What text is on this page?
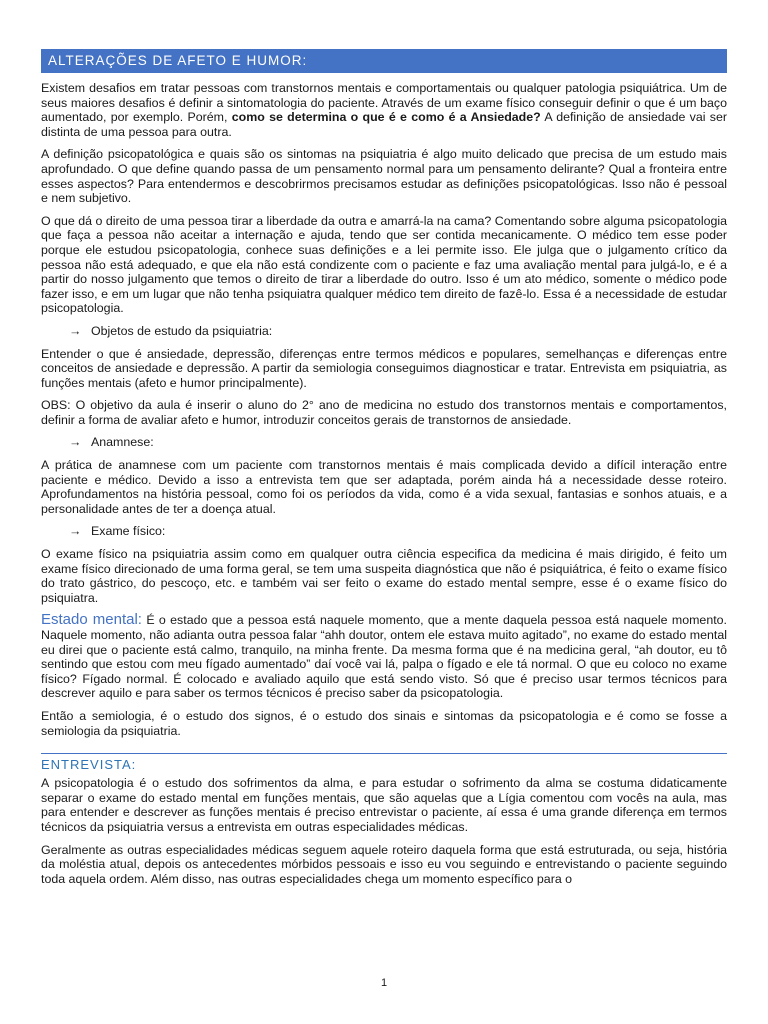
ALTERAÇÕES DE AFETO E HUMOR:

Existem desafios em tratar pessoas com transtornos mentais e comportamentais ou qualquer patologia psiquiátrica. Um de seus maiores desafios é definir a sintomatologia do paciente. Através de um exame físico conseguir definir o que é um baço aumentado, por exemplo. Porém, como se determina o que é e como é a Ansiedade? A definição de ansiedade vai ser distinta de uma pessoa para outra.

A definição psicopatológica e quais são os sintomas na psiquiatria é algo muito delicado que precisa de um estudo mais aprofundado. O que define quando passa de um pensamento normal para um pensamento delirante? Qual a fronteira entre esses aspectos? Para entendermos e descobrirmos precisamos estudar as definições psicopatológicas. Isso não é pessoal e nem subjetivo.

O que dá o direito de uma pessoa tirar a liberdade da outra e amarrá-la na cama? Comentando sobre alguma psicopatologia que faça a pessoa não aceitar a internação e ajuda, tendo que ser contida mecanicamente. O médico tem esse poder porque ele estudou psicopatologia, conhece suas definições e a lei permite isso. Ele julga que o julgamento crítico da pessoa não está adequado, e que ela não está condizente com o paciente e faz uma avaliação mental para julgá-lo, e é a partir do nosso julgamento que temos o direito de tirar a liberdade do outro. Isso é um ato médico, somente o médico pode fazer isso, e em um lugar que não tenha psiquiatra qualquer médico tem direito de fazê-lo. Essa é a necessidade de estudar psicopatologia.

→ Objetos de estudo da psiquiatria:

Entender o que é ansiedade, depressão, diferenças entre termos médicos e populares, semelhanças e diferenças entre conceitos de ansiedade e depressão. A partir da semiologia conseguimos diagnosticar e tratar. Entrevista em psiquiatria, as funções mentais (afeto e humor principalmente).

OBS: O objetivo da aula é inserir o aluno do 2° ano de medicina no estudo dos transtornos mentais e comportamentos, definir a forma de avaliar afeto e humor, introduzir conceitos gerais de transtornos de ansiedade.

→ Anamnese:

A prática de anamnese com um paciente com transtornos mentais é mais complicada devido a difícil interação entre paciente e médico. Devido a isso a entrevista tem que ser adaptada, porém ainda há a necessidade desse roteiro. Aprofundamentos na história pessoal, como foi os períodos da vida, como é a vida sexual, fantasias e sonhos atuais, e a personalidade antes de ter a doença atual.

→ Exame físico:

O exame físico na psiquiatria assim como em qualquer outra ciência especifica da medicina é mais dirigido, é feito um exame físico direcionado de uma forma geral, se tem uma suspeita diagnóstica que não é psiquiátrica, é feito o exame físico do trato gástrico, do pescoço, etc. e também vai ser feito o exame do estado mental sempre, esse é o exame físico do psiquiatra.

Estado mental: É o estado que a pessoa está naquele momento, que a mente daquela pessoa está naquele momento. Naquele momento, não adianta outra pessoa falar “ahh doutor, ontem ele estava muito agitado”, no exame do estado mental eu direi que o paciente está calmo, tranquilo, na minha frente. Da mesma forma que é na medicina geral, “ah doutor, eu tô sentindo que estou com meu fígado aumentado” daí você vai lá, palpa o fígado e ele tá normal. O que eu coloco no exame físico? Fígado normal. É colocado e avaliado aquilo que está sendo visto. Só que é preciso usar termos técnicos para descrever aquilo e para saber os termos técnicos é preciso saber da psicopatologia.

Então a semiologia, é o estudo dos signos, é o estudo dos sinais e sintomas da psicopatologia e é como se fosse a semiologia da psiquiatria.

ENTREVISTA:

A psicopatologia é o estudo dos sofrimentos da alma, e para estudar o sofrimento da alma se costuma didaticamente separar o exame do estado mental em funções mentais, que são aquelas que a Lígia comentou com vocês na aula, mas para entender e descrever as funções mentais é preciso entrevistar o paciente, aí essa é uma grande diferença em termos técnicos da psiquiatria versus a entrevista em outras especialidades médicas.

Geralmente as outras especialidades médicas seguem aquele roteiro daquela forma que está estruturada, ou seja, história da moléstia atual, depois os antecedentes mórbidos pessoais e isso eu vou seguindo e entrevistando o paciente seguindo toda aquela ordem. Além disso, nas outras especialidades chega um momento específico para o

1
